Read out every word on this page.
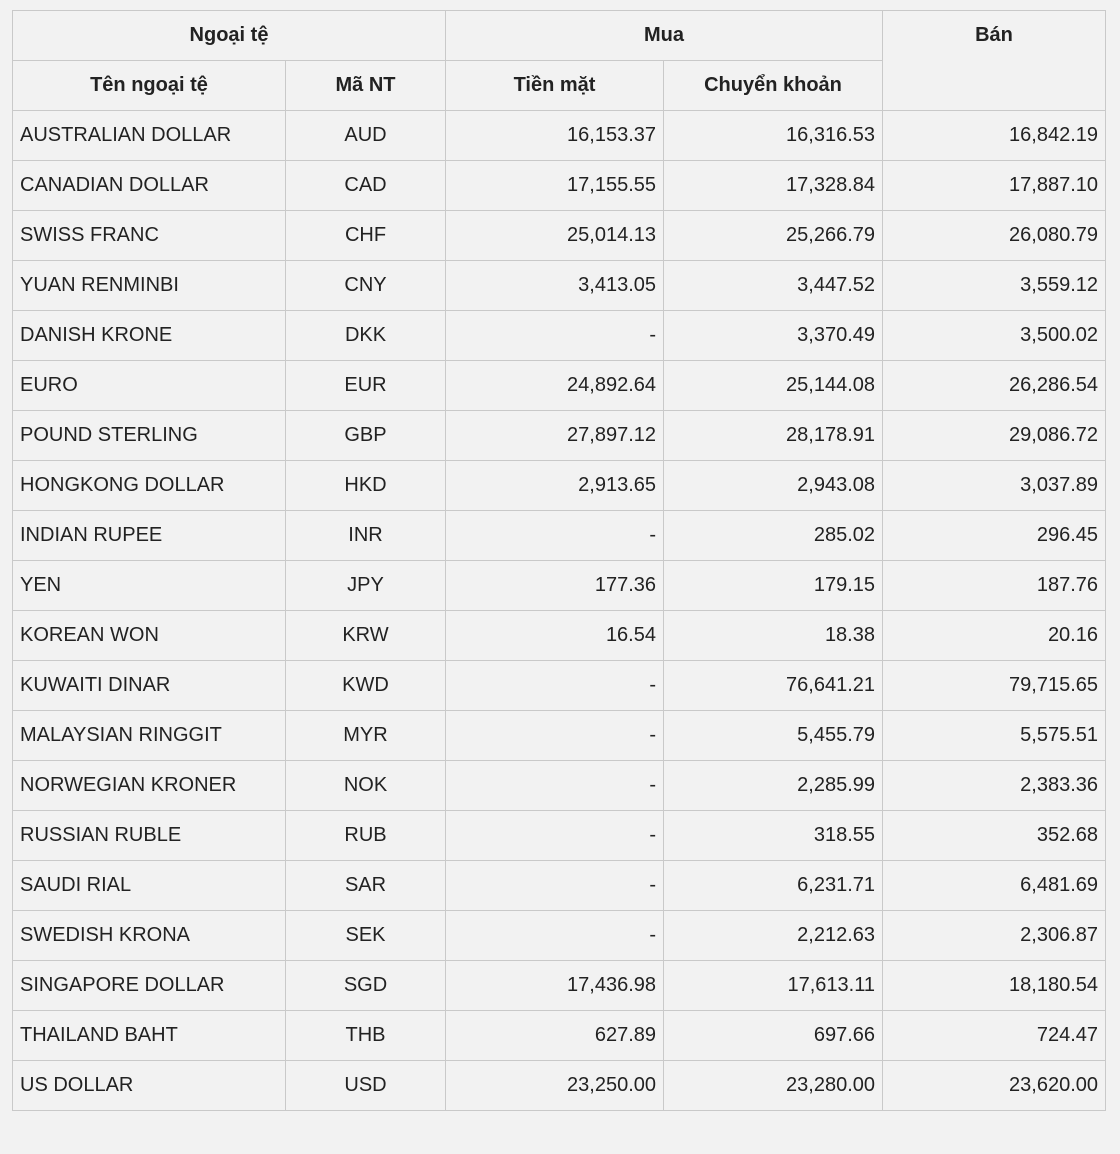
Ngoại tệ		Mua		Bán
Tên ngoại tệ	Mã NT	Tiền mặt	Chuyển khoản	
AUSTRALIAN DOLLAR	AUD	16,153.37	16,316.53	16,842.19
CANADIAN DOLLAR	CAD	17,155.55	17,328.84	17,887.10
SWISS FRANC	CHF	25,014.13	25,266.79	26,080.79
YUAN RENMINBI	CNY	3,413.05	3,447.52	3,559.12
DANISH KRONE	DKK	-	3,370.49	3,500.02
EURO	EUR	24,892.64	25,144.08	26,286.54
POUND STERLING	GBP	27,897.12	28,178.91	29,086.72
HONGKONG DOLLAR	HKD	2,913.65	2,943.08	3,037.89
INDIAN RUPEE	INR	-	285.02	296.45
YEN	JPY	177.36	179.15	187.76
KOREAN WON	KRW	16.54	18.38	20.16
KUWAITI DINAR	KWD	-	76,641.21	79,715.65
MALAYSIAN RINGGIT	MYR	-	5,455.79	5,575.51
NORWEGIAN KRONER	NOK	-	2,285.99	2,383.36
RUSSIAN RUBLE	RUB	-	318.55	352.68
SAUDI RIAL	SAR	-	6,231.71	6,481.69
SWEDISH KRONA	SEK	-	2,212.63	2,306.87
SINGAPORE DOLLAR	SGD	17,436.98	17,613.11	18,180.54
THAILAND BAHT	THB	627.89	697.66	724.47
US DOLLAR	USD	23,250.00	23,280.00	23,620.00
